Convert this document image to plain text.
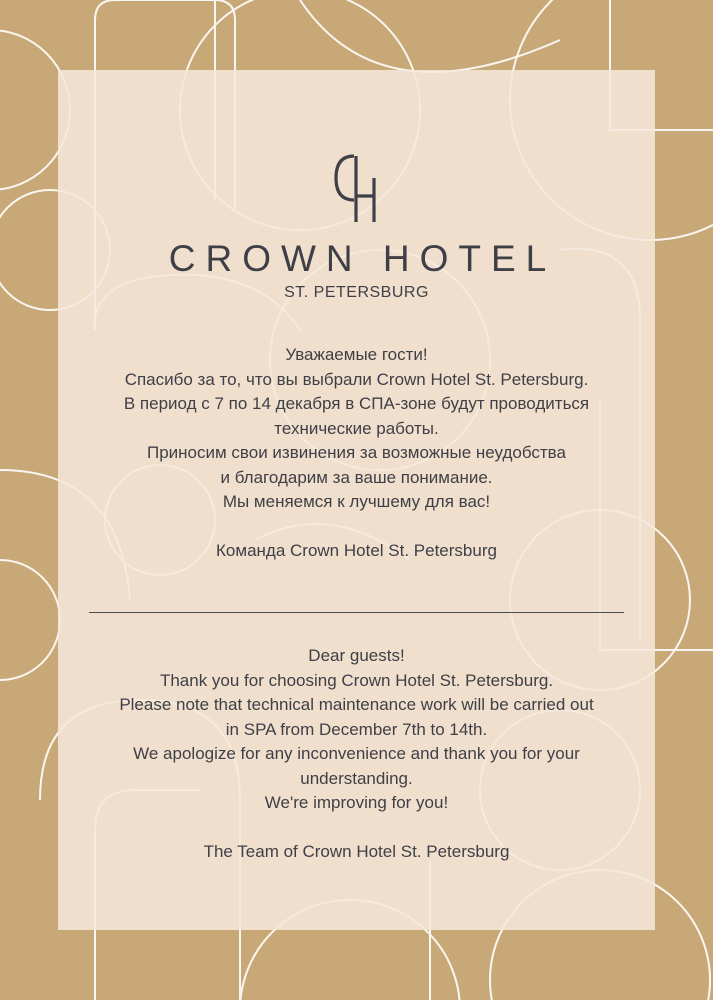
CROWN HOTEL
ST. PETERSBURG
Уважаемые гости!
Спасибо за то, что вы выбрали Crown Hotel St. Petersburg.
В период с 7 по 14 декабря в СПА-зоне будут проводиться
технические работы.
Приносим свои извинения за возможные неудобства
и благодарим за ваше понимание.
Мы меняемся к лучшему для вас!
Команда Crown Hotel St. Petersburg
Dear guests!
Thank you for choosing Crown Hotel St. Petersburg.
Please note that technical maintenance work will be carried out
in SPA from December 7th to 14th.
We apologize for any inconvenience and thank you for your
understanding.
We're improving for you!
The Team of Crown Hotel St. Petersburg
